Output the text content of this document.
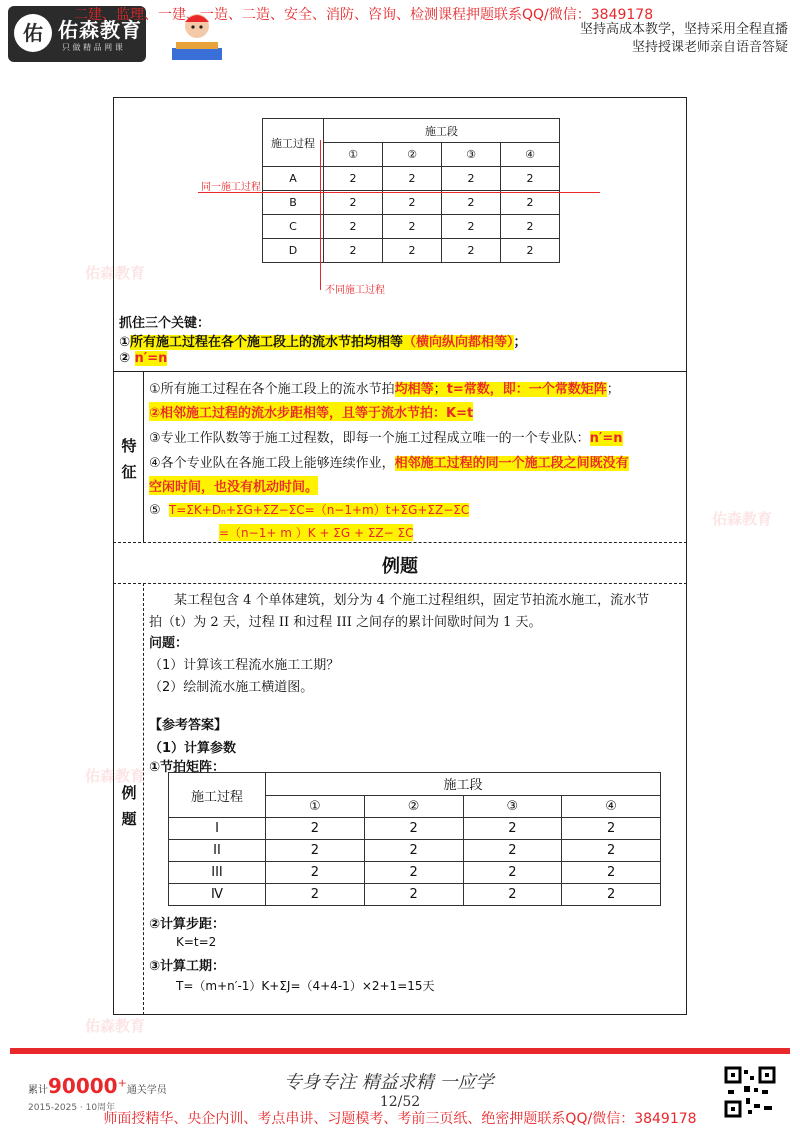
佑 佑森教育
只 做 精 品 网 课
二建、监理、一建、一造、二造、安全、消防、咨询、检测课程押题联系QQ/微信：3849178
坚持高成本教学，坚持采用全程直播
坚持授课老师亲自语音答疑
佑森教育
佑森教育
佑森教育
佑森教育
施工过程	施工段			
	①	②	③	④
A	2	2	2	2
B	2	2	2	2
C	2	2	2	2
D	2	2	2	2
同一施工过程
不同施工过程
抓住三个关键：
①所有施工过程在各个施工段上的流水节拍均相等（横向纵向都相等）；
② n′=n
特
征
①所有施工过程在各个施工段上的流水节拍均相等；t=常数，即：一个常数矩阵；
②相邻施工过程的流水步距相等，且等于流水节拍：K=t
③专业工作队数等于施工过程数，即每一个施工过程成立唯一的一个专业队：n′=n
④各个专业队在各施工段上能够连续作业，相邻施工过程的同一个施工段之间既没有
空闲时间，也没有机动时间。
⑤ T=ΣK+Dₙ+ΣG+ΣZ−ΣC=（n−1+m）t+ΣG+ΣZ−ΣC
=（n−1+ m ）K + ΣG + ΣZ− ΣC
例题
例
题
某工程包含 4 个单体建筑，划分为 4 个施工过程组织，固定节拍流水施工，流水节
拍（t）为 2 天，过程 II 和过程 III 之间存的累计间歇时间为 1 天。
问题：
（1）计算该工程流水施工工期？
（2）绘制流水施工横道图。
【参考答案】
（1）计算参数
①节拍矩阵：
施工过程	施工段			
	①	②	③	④
I	2	2	2	2
II	2	2	2	2
III	2	2	2	2
Ⅳ	2	2	2	2
②计算步距：
K=t=2
③计算工期：
T=（m+n′-1）K+ΣJ=（4+4-1）×2+1=15天
累计90000+通关学员
2015-2025 · 10周年
专身专注 精益求精 一应学
12/52
师面授精华、央企内训、考点串讲、习题模考、考前三页纸、绝密押题联系QQ/微信：3849178
